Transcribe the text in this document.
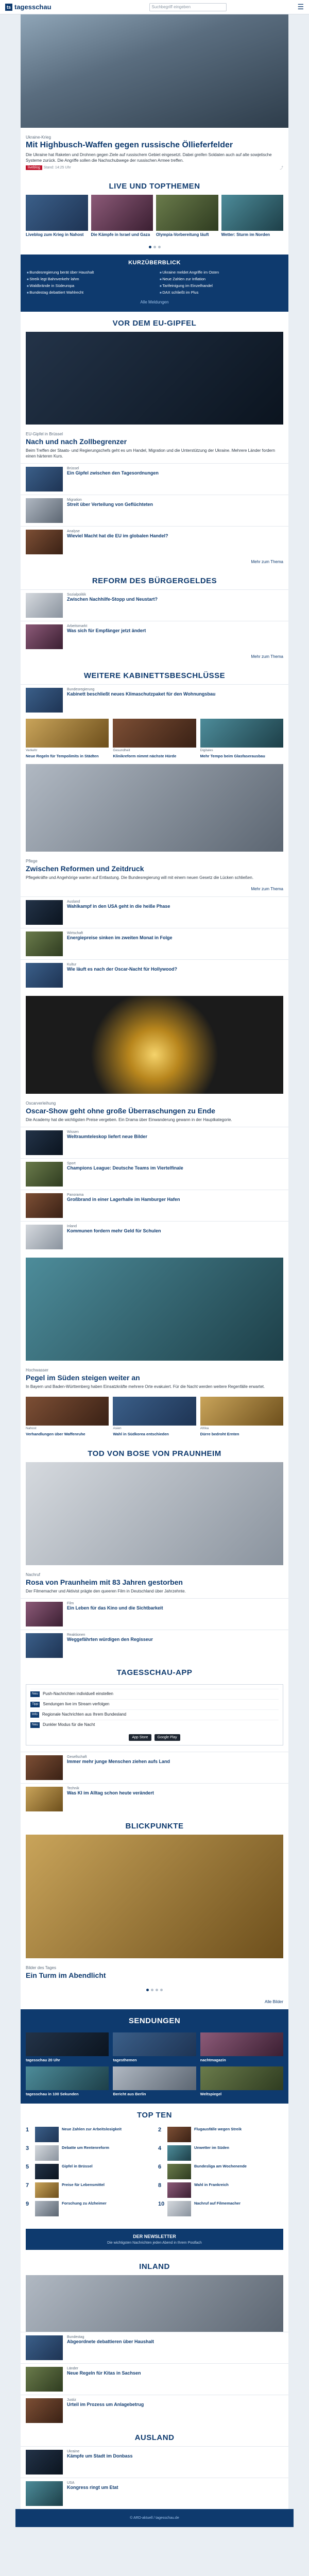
ts tagesschau	Suchbegriff eingeben	☰
Ukraine-Krieg
Mit Highbusch-Waffen gegen russische Öllieferfelder
Die Ukraine hat Raketen und Drohnen gegen Ziele auf russischem Gebiet eingesetzt. Dabei greifen Soldaten auch auf alte sowjetische Systeme zurück. Die Angriffe sollen die Nachschubwege der russischen Armee treffen.
liveblog Stand: 14:25 Uhr	⤴
LIVE UND TOPTHEMEN
Liveblog zum Krieg in Nahost	Die Kämpfe in Israel und Gaza	Olympia-Vorbereitung läuft	Wetter: Sturm im Norden
KURZÜBERBLICK
■ Bundesregierung berät über Haushalt	■ Ukraine meldet Angriffe im Osten
■ Streik legt Bahnverkehr lahm	■ Neue Zahlen zur Inflation
■ Waldbrände in Südeuropa	■ Tarifeinigung im Einzelhandel
■ Bundestag debattiert Wahlrecht	■ DAX schließt im Plus
Alle Meldungen
VOR DEM EU-GIPFEL
EU-Gipfel in Brüssel
Nach und nach Zollbegrenzer
Beim Treffen der Staats- und Regierungschefs geht es um Handel, Migration und die Unterstützung der Ukraine. Mehrere Länder fordern einen härteren Kurs.
Brüssel
Ein Gipfel zwischen den Tagesordnungen
Migration
Streit über Verteilung von Geflüchteten
Analyse
Wieviel Macht hat die EU im globalen Handel?
Mehr zum Thema
REFORM DES BÜRGERGELDES
Sozialpolitik
Zwischen Nachhilfe-Stopp und Neustart?
Arbeitsmarkt
Was sich für Empfänger jetzt ändert
Mehr zum Thema
WEITERE KABINETTSBESCHLÜSSE
Bundesregierung
Kabinett beschließt neues Klimaschutzpaket für den Wohnungsbau
Verkehr
Neue Regeln für Tempolimits in Städten
Gesundheit
Klinikreform nimmt nächste Hürde
Digitales
Mehr Tempo beim Glasfaserausbau
Pflege
Zwischen Reformen und Zeitdruck
Pflegekräfte und Angehörige warten auf Entlastung. Die Bundesregierung will mit einem neuen Gesetz die Lücken schließen.
Mehr zum Thema
Ausland
Wahlkampf in den USA geht in die heiße Phase
Wirtschaft
Energiepreise sinken im zweiten Monat in Folge
Kultur
Wie läuft es nach der Oscar-Nacht für Hollywood?
Oscarverleihung
Oscar-Show geht ohne große Überraschungen zu Ende
Die Academy hat die wichtigsten Preise vergeben. Ein Drama über Einwanderung gewann in der Hauptkategorie.
Wissen
Weltraumteleskop liefert neue Bilder
Sport
Champions League: Deutsche Teams im Viertelfinale
Panorama
Großbrand in einer Lagerhalle im Hamburger Hafen
Inland
Kommunen fordern mehr Geld für Schulen
Hochwasser
Pegel im Süden steigen weiter an
In Bayern und Baden-Württemberg haben Einsatzkräfte mehrere Orte evakuiert. Für die Nacht werden weitere Regenfälle erwartet.
Nahost
Verhandlungen über Waffenruhe
Asien
Wahl in Südkorea entschieden
Afrika
Dürre bedroht Ernten
TOD VON BOSE VON PRAUNHEIM
Nachruf
Rosa von Praunheim mit 83 Jahren gestorben
Der Filmemacher und Aktivist prägte den queeren Film in Deutschland über Jahrzehnte.
Film
Ein Leben für das Kino und die Sichtbarkeit
Reaktionen
Weggefährten würdigen den Regisseur
TAGESSCHAU-APP
Neu	Push-Nachrichten individuell einstellen
Tipp	Sendungen live im Stream verfolgen
Info	Regionale Nachrichten aus Ihrem Bundesland
Neu	Dunkler Modus für die Nacht
App Store	Google Play
Gesellschaft
Immer mehr junge Menschen ziehen aufs Land
Technik
Was KI im Alltag schon heute verändert
BLICKPUNKTE
Bilder des Tages
Ein Turm im Abendlicht
Alle Bilder
SENDUNGEN
tagesschau 20 Uhr	tagesthemen	nachtmagazin
tagesschau in 100 Sekunden	Bericht aus Berlin	Weltspiegel
TOP TEN
1	Neue Zahlen zur Arbeitslosigkeit	2	Flugausfälle wegen Streik
3	Debatte um Rentenreform	4	Unwetter im Süden
5	Gipfel in Brüssel	6	Bundesliga am Wochenende
7	Preise für Lebensmittel	8	Wahl in Frankreich
9	Forschung zu Alzheimer	10	Nachruf auf Filmemacher
DER NEWSLETTER
Die wichtigsten Nachrichten jeden Abend in Ihrem Postfach
INLAND
Bundestag
Abgeordnete debattieren über Haushalt
Länder
Neue Regeln für Kitas in Sachsen
Justiz
Urteil im Prozess um Anlagebetrug
AUSLAND
Ukraine
Kämpfe um Stadt im Donbass
USA
Kongress ringt um Etat
© ARD-aktuell / tagesschau.de
